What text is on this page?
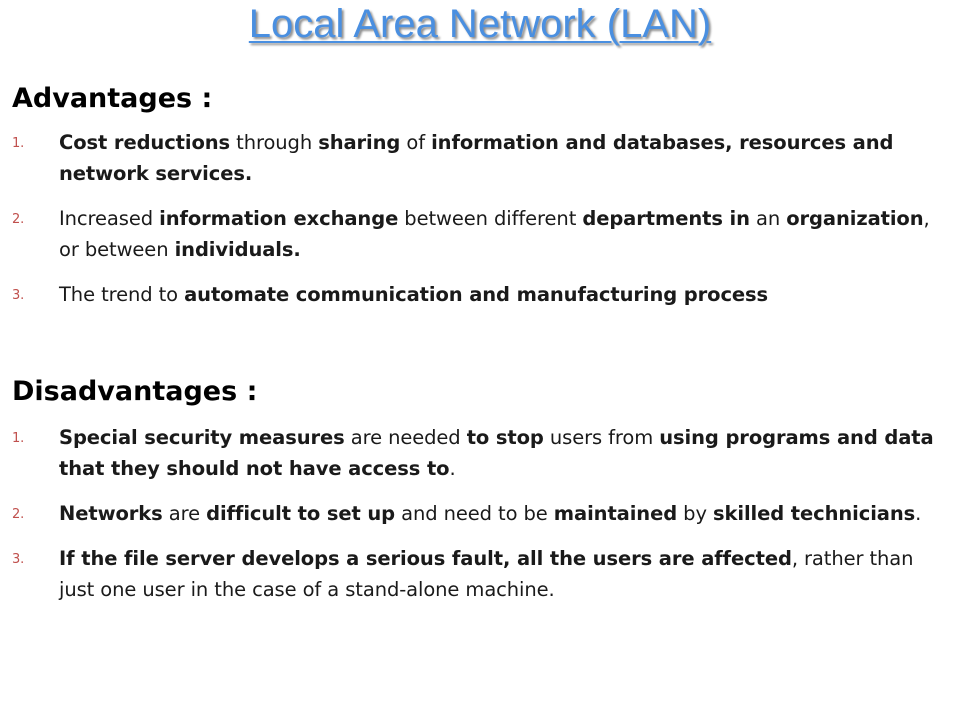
Local Area Network (LAN)
Advantages :
1.	Cost reductions through sharing of information and databases, resources and network services.
2.	Increased information exchange between different departments in an organization, or between individuals.
3.	The trend to automate communication and manufacturing process
Disadvantages :
1.	Special security measures are needed to stop users from using programs and data that they should not have access to.
2.	Networks are difficult to set up and need to be maintained by skilled technicians.
3.	If the file server develops a serious fault, all the users are affected, rather than just one user in the case of a stand-alone machine.
